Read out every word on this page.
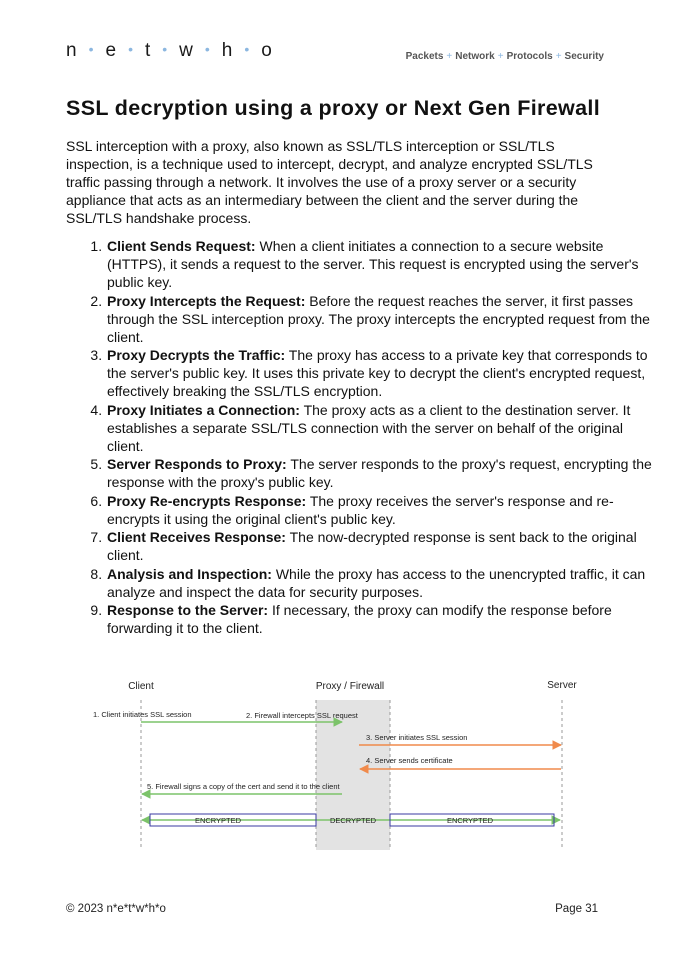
n • e • t • w • h • o	Packets + Network + Protocols + Security
SSL decryption using a proxy or Next Gen Firewall

SSL interception with a proxy, also known as SSL/TLS interception or SSL/TLS inspection, is a technique used to intercept, decrypt, and analyze encrypted SSL/TLS traffic passing through a network. It involves the use of a proxy server or a security appliance that acts as an intermediary between the client and the server during the SSL/TLS handshake process.

1. Client Sends Request: When a client initiates a connection to a secure website (HTTPS), it sends a request to the server. This request is encrypted using the server's public key.
2. Proxy Intercepts the Request: Before the request reaches the server, it first passes through the SSL interception proxy. The proxy intercepts the encrypted request from the client.
3. Proxy Decrypts the Traffic: The proxy has access to a private key that corresponds to the server's public key. It uses this private key to decrypt the client's encrypted request, effectively breaking the SSL/TLS encryption.
4. Proxy Initiates a Connection: The proxy acts as a client to the destination server. It establishes a separate SSL/TLS connection with the server on behalf of the original client.
5. Server Responds to Proxy: The server responds to the proxy's request, encrypting the response with the proxy's public key.
6. Proxy Re-encrypts Response: The proxy receives the server's response and re-encrypts it using the original client's public key.
7. Client Receives Response: The now-decrypted response is sent back to the original client.
8. Analysis and Inspection: While the proxy has access to the unencrypted traffic, it can analyze and inspect the data for security purposes.
9. Response to the Server: If necessary, the proxy can modify the response before forwarding it to the client.
Client	Proxy / Firewall	Server
1. Client initiates SSL session	2. Firewall intercepts SSL request
3. Server initiates SSL session
4. Server sends certificate
5. Firewall signs a copy of the cert and send it to the client
ENCRYPTED	DECRYPTED	ENCRYPTED
© 2023 n*e*t*w*h*o	Page 31
